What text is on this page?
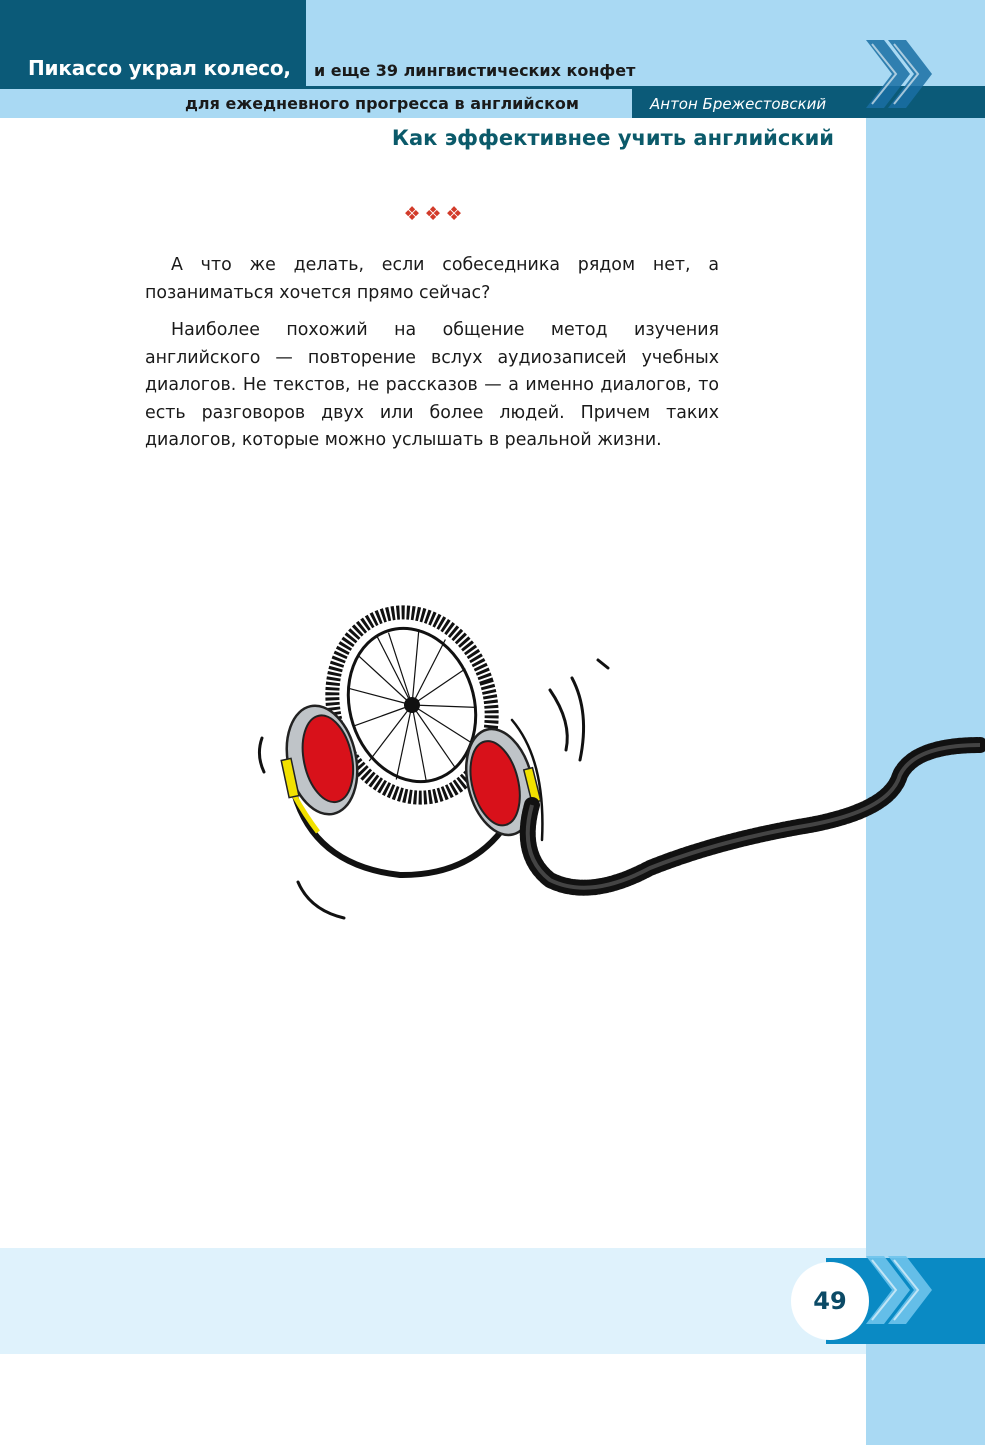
Пикассо украл колесо, и еще 39 лингвистических конфет
для ежедневного прогресса в английском	Антон Брежестовский
Как эффективнее учить английский
❖❖❖

А что же делать, если собеседника рядом нет, а позаниматься хочется прямо сейчас?

Наиболее похожий на общение метод изучения английского — повторение вслух аудиозаписей учебных диалогов. Не текстов, не рассказов — а именно диалогов, то есть разговоров двух или более людей. Причем таких диалогов, которые можно услышать в реальной жизни.

49
